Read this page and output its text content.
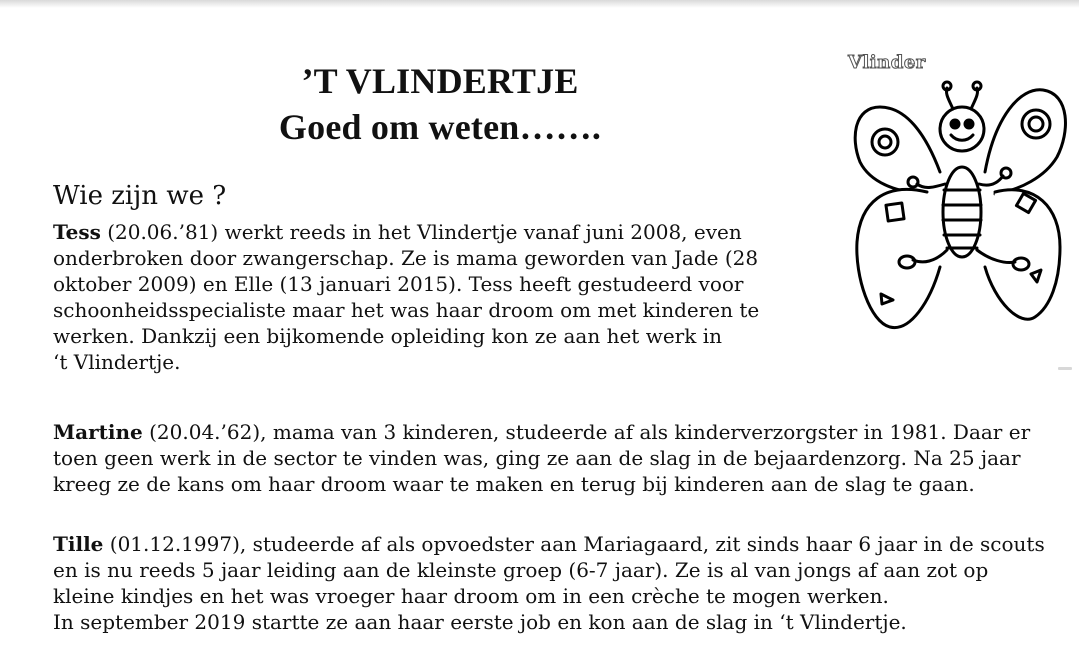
’T VLINDERTJE
Goed om weten…….
Vlinder
Wie zijn we ?

Tess (20.06.’81) werkt reeds in het Vlindertje vanaf juni 2008, even
onderbroken door zwangerschap. Ze is mama geworden van Jade (28
oktober 2009) en Elle (13 januari 2015). Tess heeft gestudeerd voor
schoonheidsspecialiste maar het was haar droom om met kinderen te
werken. Dankzij een bijkomende opleiding kon ze aan het werk in
‘t Vlindertje.

Martine (20.04.’62), mama van 3 kinderen, studeerde af als kinderverzorgster in 1981. Daar er
toen geen werk in de sector te vinden was, ging ze aan de slag in de bejaardenzorg. Na 25 jaar
kreeg ze de kans om haar droom waar te maken en terug bij kinderen aan de slag te gaan.

Tille (01.12.1997), studeerde af als opvoedster aan Mariagaard, zit sinds haar 6 jaar in de scouts
en is nu reeds 5 jaar leiding aan de kleinste groep (6-7 jaar). Ze is al van jongs af aan zot op
kleine kindjes en het was vroeger haar droom om in een crèche te mogen werken.
In september 2019 startte ze aan haar eerste job en kon aan de slag in ‘t Vlindertje.
